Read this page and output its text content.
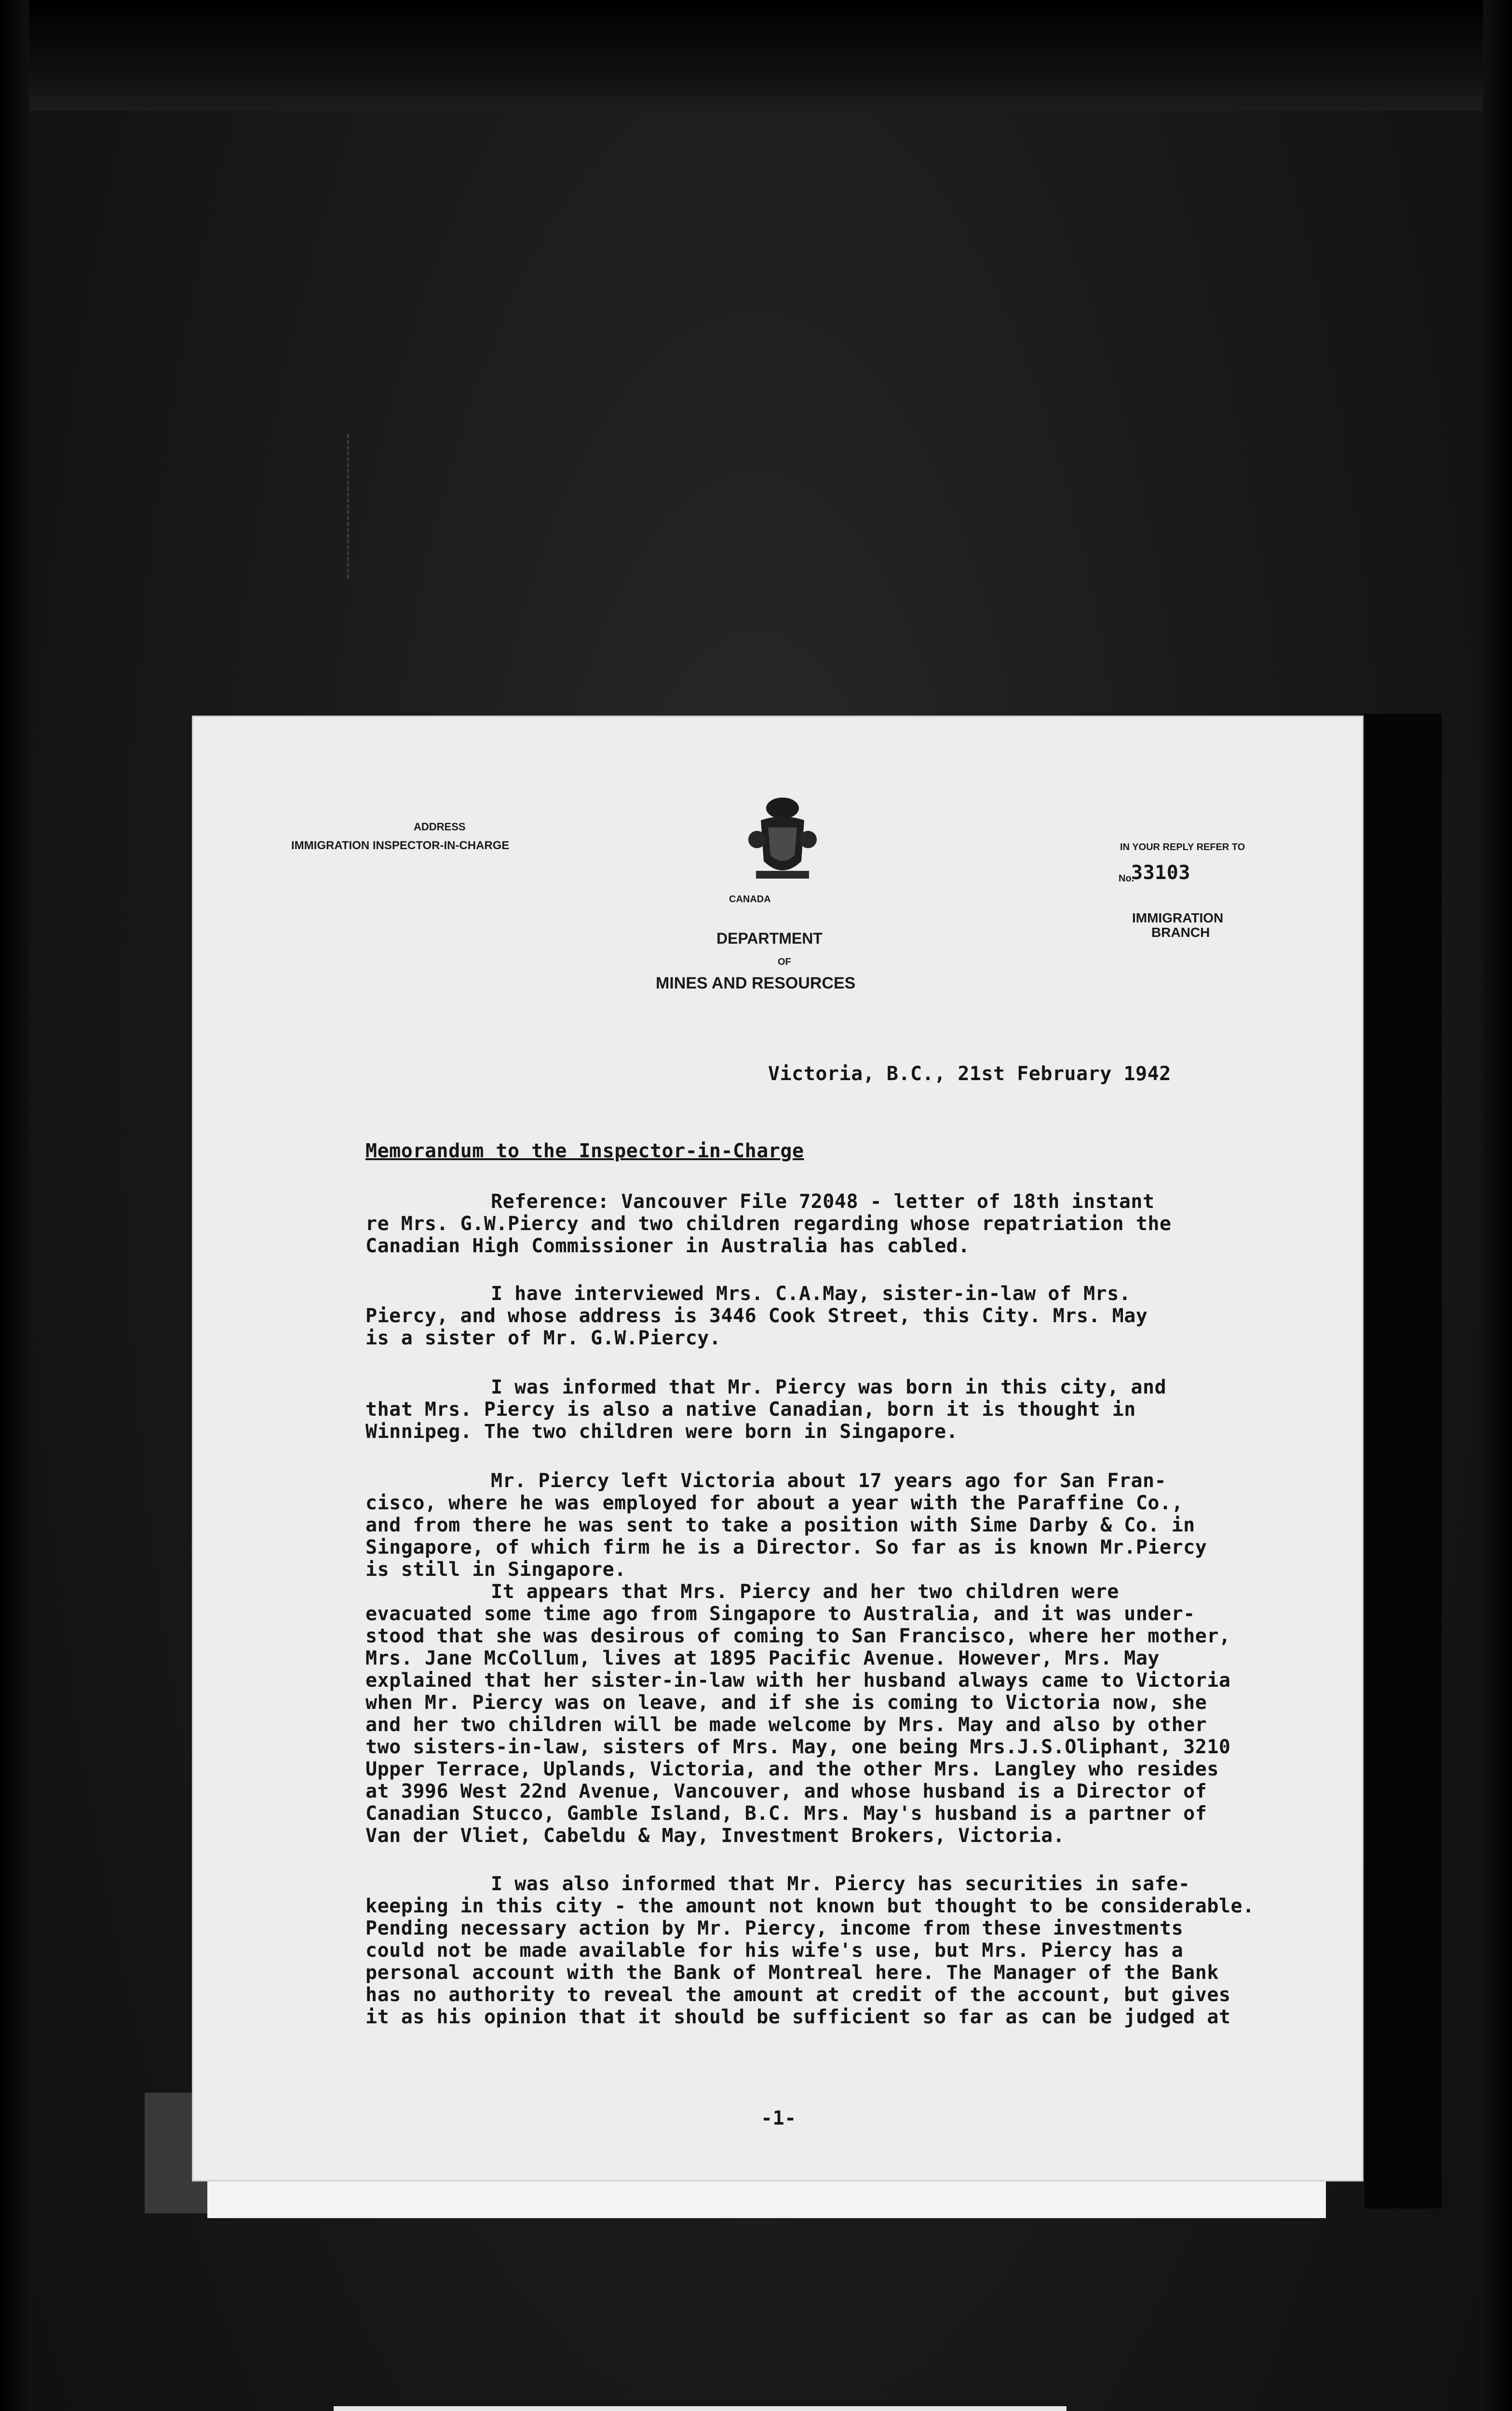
ADDRESS
IMMIGRATION INSPECTOR-IN-CHARGE	IN YOUR REPLY REFER TO
No.
33103
IMMIGRATION
BRANCH
CANADA
DEPARTMENT
OF
MINES AND RESOURCES
Victoria, B.C., 21st February 1942
Memorandum to the Inspector-in-Charge
Reference: Vancouver File 72048 - letter of 18th instant
re Mrs. G.W.Piercy and two children regarding whose repatriation the
Canadian High Commissioner in Australia has cabled.
I have interviewed Mrs. C.A.May, sister-in-law of Mrs.
Piercy, and whose address is 3446 Cook Street, this City. Mrs. May
is a sister of Mr. G.W.Piercy.
I was informed that Mr. Piercy was born in this city, and
that Mrs. Piercy is also a native Canadian, born it is thought in
Winnipeg. The two children were born in Singapore.
Mr. Piercy left Victoria about 17 years ago for San Fran-
cisco, where he was employed for about a year with the Paraffine Co.,
and from there he was sent to take a position with Sime Darby & Co. in
Singapore, of which firm he is a Director. So far as is known Mr.Piercy
is still in Singapore.
It appears that Mrs. Piercy and her two children were
evacuated some time ago from Singapore to Australia, and it was under-
stood that she was desirous of coming to San Francisco, where her mother,
Mrs. Jane McCollum, lives at 1895 Pacific Avenue. However, Mrs. May
explained that her sister-in-law with her husband always came to Victoria
when Mr. Piercy was on leave, and if she is coming to Victoria now, she
and her two children will be made welcome by Mrs. May and also by other
two sisters-in-law, sisters of Mrs. May, one being Mrs.J.S.Oliphant, 3210
Upper Terrace, Uplands, Victoria, and the other Mrs. Langley who resides
at 3996 West 22nd Avenue, Vancouver, and whose husband is a Director of
Canadian Stucco, Gamble Island, B.C. Mrs. May's husband is a partner of
Van der Vliet, Cabeldu & May, Investment Brokers, Victoria.
I was also informed that Mr. Piercy has securities in safe-
keeping in this city - the amount not known but thought to be considerable.
Pending necessary action by Mr. Piercy, income from these investments
could not be made available for his wife's use, but Mrs. Piercy has a
personal account with the Bank of Montreal here. The Manager of the Bank
has no authority to reveal the amount at credit of the account, but gives
it as his opinion that it should be sufficient so far as can be judged at
-1-
